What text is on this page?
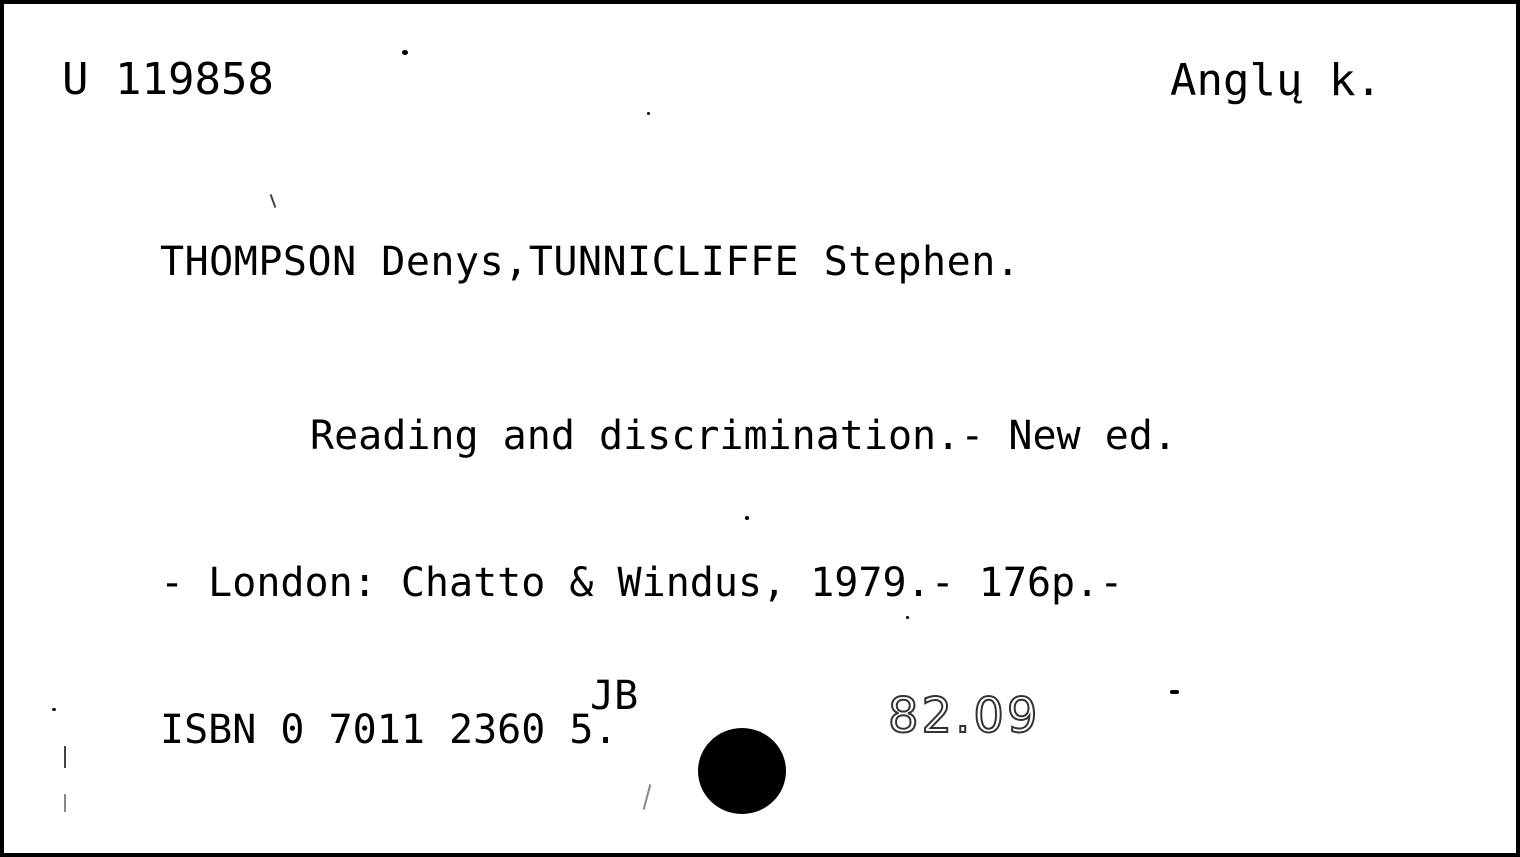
U 119858	Anglų k.
THOMPSON Denys,TUNNICLIFFE Stephen.

Reading and discrimination.- New ed.

- London: Chatto & Windus, 1979.- 176p.-

ISBN 0 7011 2360 5.

JB	82.09
